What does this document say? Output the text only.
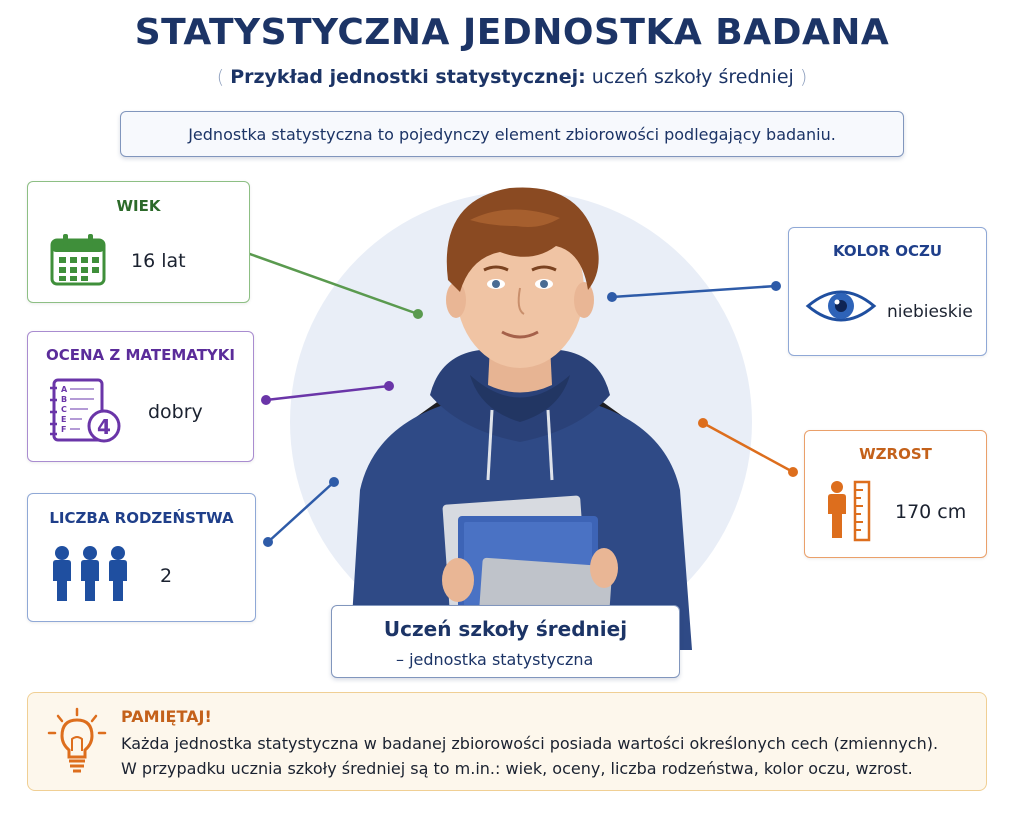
STATYSTYCZNA JEDNOSTKA BADANA
( Przykład jednostki statystycznej: uczeń szkoły średniej )
Jednostka statystyczna to pojedynczy element zbiorowości podlegający badaniu.
WIEK
16 lat
OCENA Z MATEMATYKI
A
B
C
E
F 4
dobry
LICZBA RODZEŃSTWA
2
KOLOR OCZU
niebieskie
WZROST
170 cm
Uczeń szkoły średniej
– jednostka statystyczna
PAMIĘTAJ!
Każda jednostka statystyczna w badanej zbiorowości posiada wartości określonych cech (zmiennych).
W przypadku ucznia szkoły średniej są to m.in.: wiek, oceny, liczba rodzeństwa, kolor oczu, wzrost.
